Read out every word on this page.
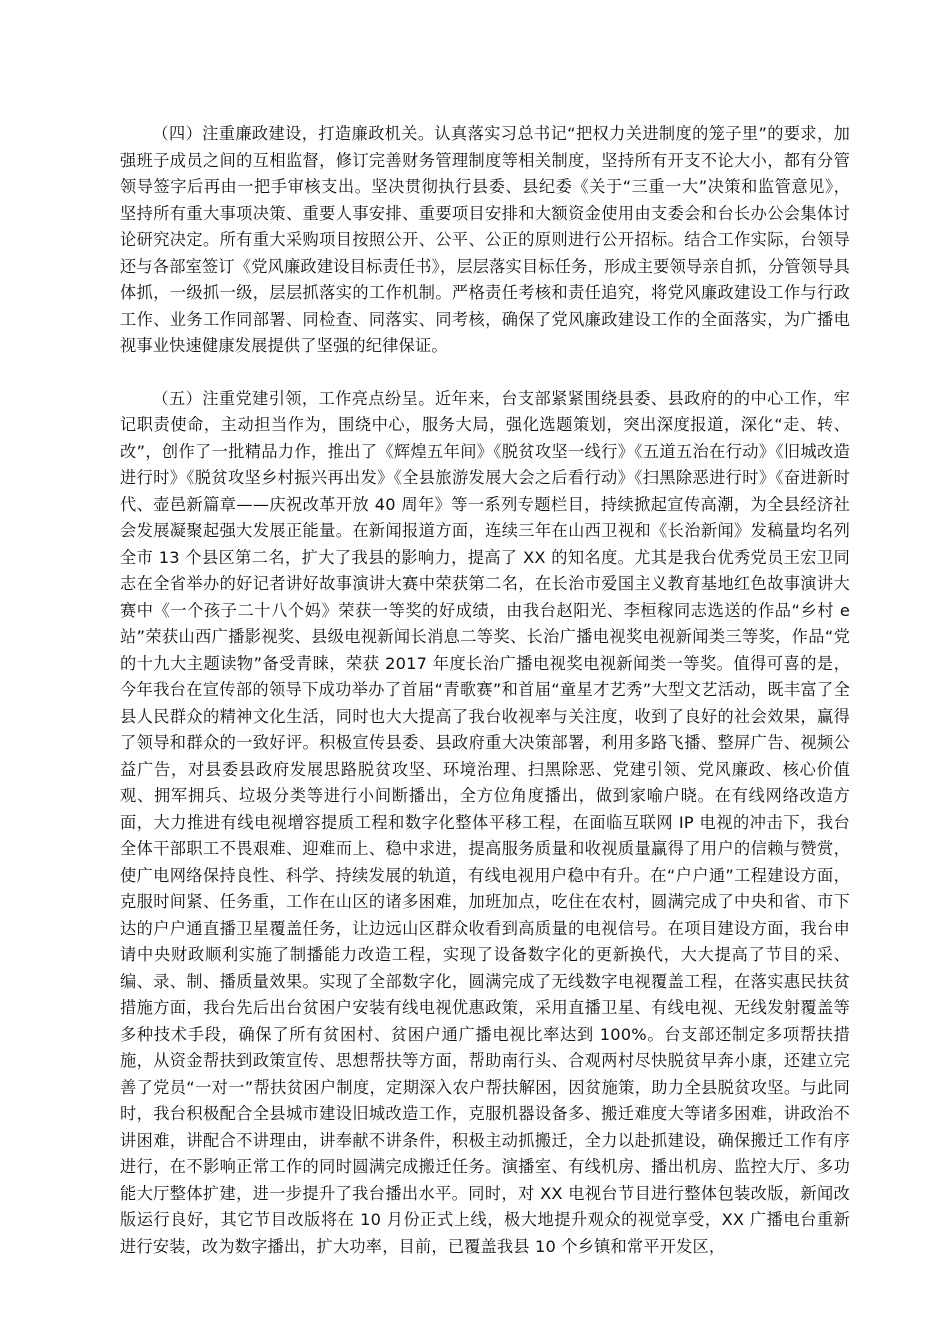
（四）注重廉政建设，打造廉政机关。认真落实习总书记“把权力关进制度的笼子里”的要求，加强班子成员之间的互相监督，修订完善财务管理制度等相关制度，坚持所有开支不论大小，都有分管领导签字后再由一把手审核支出。坚决贯彻执行县委、县纪委《关于“三重一大”决策和监管意见》，坚持所有重大事项决策、重要人事安排、重要项目安排和大额资金使用由支委会和台长办公会集体讨论研究决定。所有重大采购项目按照公开、公平、公正的原则进行公开招标。结合工作实际，台领导还与各部室签订《党风廉政建设目标责任书》，层层落实目标任务，形成主要领导亲自抓，分管领导具体抓，一级抓一级，层层抓落实的工作机制。严格责任考核和责任追究，将党风廉政建设工作与行政工作、业务工作同部署、同检查、同落实、同考核，确保了党风廉政建设工作的全面落实，为广播电视事业快速健康发展提供了坚强的纪律保证。

（五）注重党建引领，工作亮点纷呈。近年来，台支部紧紧围绕县委、县政府的的中心工作，牢记职责使命，主动担当作为，围绕中心，服务大局，强化选题策划，突出深度报道，深化“走、转、改”，创作了一批精品力作，推出了《辉煌五年间》《脱贫攻坚一线行》《五道五治在行动》《旧城改造进行时》《脱贫攻坚乡村振兴再出发》《全县旅游发展大会之后看行动》《扫黑除恶进行时》《奋进新时代、壶邑新篇章——庆祝改革开放 40 周年》等一系列专题栏目，持续掀起宣传高潮，为全县经济社会发展凝聚起强大发展正能量。在新闻报道方面，连续三年在山西卫视和《长治新闻》发稿量均名列全市 13 个县区第二名，扩大了我县的影响力，提高了 XX 的知名度。尤其是我台优秀党员王宏卫同志在全省举办的好记者讲好故事演讲大赛中荣获第二名，在长治市爱国主义教育基地红色故事演讲大赛中《一个孩子二十八个妈》荣获一等奖的好成绩，由我台赵阳光、李桓稼同志选送的作品“乡村 e 站”荣获山西广播影视奖、县级电视新闻长消息二等奖、长治广播电视奖电视新闻类三等奖，作品“党的十九大主题读物”备受青睐，荣获 2017 年度长治广播电视奖电视新闻类一等奖。值得可喜的是，今年我台在宣传部的领导下成功举办了首届“青歌赛”和首届“童星才艺秀”大型文艺活动，既丰富了全县人民群众的精神文化生活，同时也大大提高了我台收视率与关注度，收到了良好的社会效果，赢得了领导和群众的一致好评。积极宣传县委、县政府重大决策部署，利用多路飞播、整屏广告、视频公益广告，对县委县政府发展思路脱贫攻坚、环境治理、扫黑除恶、党建引领、党风廉政、核心价值观、拥军拥兵、垃圾分类等进行小间断播出，全方位角度播出，做到家喻户晓。在有线网络改造方面，大力推进有线电视增容提质工程和数字化整体平移工程，在面临互联网 IP 电视的冲击下，我台全体干部职工不畏艰难、迎难而上、稳中求进，提高服务质量和收视质量赢得了用户的信赖与赞赏，使广电网络保持良性、科学、持续发展的轨道，有线电视用户稳中有升。在“户户通”工程建设方面，克服时间紧、任务重，工作在山区的诸多困难，加班加点，吃住在农村，圆满完成了中央和省、市下达的户户通直播卫星覆盖任务，让边远山区群众收看到高质量的电视信号。在项目建设方面，我台申请中央财政顺利实施了制播能力改造工程，实现了设备数字化的更新换代，大大提高了节目的采、编、录、制、播质量效果。实现了全部数字化，圆满完成了无线数字电视覆盖工程，在落实惠民扶贫措施方面，我台先后出台贫困户安装有线电视优惠政策，采用直播卫星、有线电视、无线发射覆盖等多种技术手段，确保了所有贫困村、贫困户通广播电视比率达到 100%。台支部还制定多项帮扶措施，从资金帮扶到政策宣传、思想帮扶等方面，帮助南行头、合观两村尽快脱贫早奔小康，还建立完善了党员“一对一”帮扶贫困户制度，定期深入农户帮扶解困，因贫施策，助力全县脱贫攻坚。与此同时，我台积极配合全县城市建设旧城改造工作，克服机器设备多、搬迁难度大等诸多困难，讲政治不讲困难，讲配合不讲理由，讲奉献不讲条件，积极主动抓搬迁，全力以赴抓建设，确保搬迁工作有序进行，在不影响正常工作的同时圆满完成搬迁任务。演播室、有线机房、播出机房、监控大厅、多功能大厅整体扩建，进一步提升了我台播出水平。同时，对 XX 电视台节目进行整体包装改版，新闻改版运行良好，其它节目改版将在 10 月份正式上线，极大地提升观众的视觉享受，XX 广播电台重新进行安装，改为数字播出，扩大功率，目前，已覆盖我县 10 个乡镇和常平开发区，
